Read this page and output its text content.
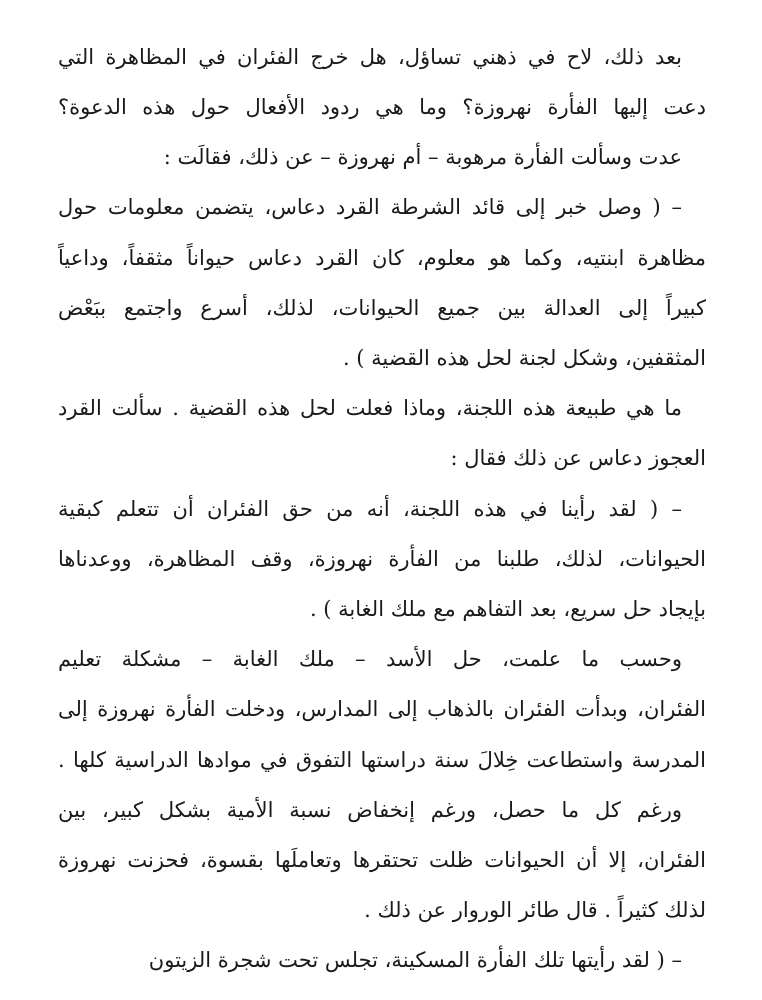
بعد ذلك، لاح في ذهني تساؤل، هل خرج الفئران في المظاهرة التي
دعت إليها الفأرة نهروزة؟ وما هي ردود الأفعال حول هذه الدعوة؟
عدت وسألت الفأرة مرهوبة – أم نهروزة – عن ذلك، فقالَت :
– ( وصل خبر إلى قائد الشرطة القرد دعاس، يتضمن معلومات حول
مظاهرة ابنتيه، وكما هو معلوم، كان القرد دعاس حيواناً مثقفاً، وداعياً
كبيراً إلى العدالة بين جميع الحيوانات، لذلك، أسرع واجتمع ببَعْض
المثقفين، وشكل لجنة لحل هذه القضية ) .
ما هي طبيعة هذه اللجنة، وماذا فعلت لحل هذه القضية . سألت القرد
العجوز دعاس عن ذلك فقال :
– ( لقد رأينا في هذه اللجنة، أنه من حق الفئران أن تتعلم كبقية
الحيوانات، لذلك، طلبنا من الفأرة نهروزة، وقف المظاهرة، ووعدناها
بإيجاد حل سريع، بعد التفاهم مع ملك الغابة ) .
وحسب ما علمت، حل الأسد – ملك الغابة – مشكلة تعليم
الفئران، وبدأت الفئران بالذهاب إلى المدارس، ودخلت الفأرة نهروزة إلى
المدرسة واستطاعت خِلالَ سنة دراستها التفوق في موادها الدراسية كلها .
ورغم كل ما حصل، ورغم إنخفاض نسبة الأمية بشكل كبير، بين
الفئران، إلا أن الحيوانات ظلت تحتقرها وتعاملَها بقسوة، فحزنت نهروزة
لذلك كثيراً . قال طائر الوروار عن ذلك .
– ( لقد رأيتها تلك الفأرة المسكينة، تجلس تحت شجرة الزيتون
